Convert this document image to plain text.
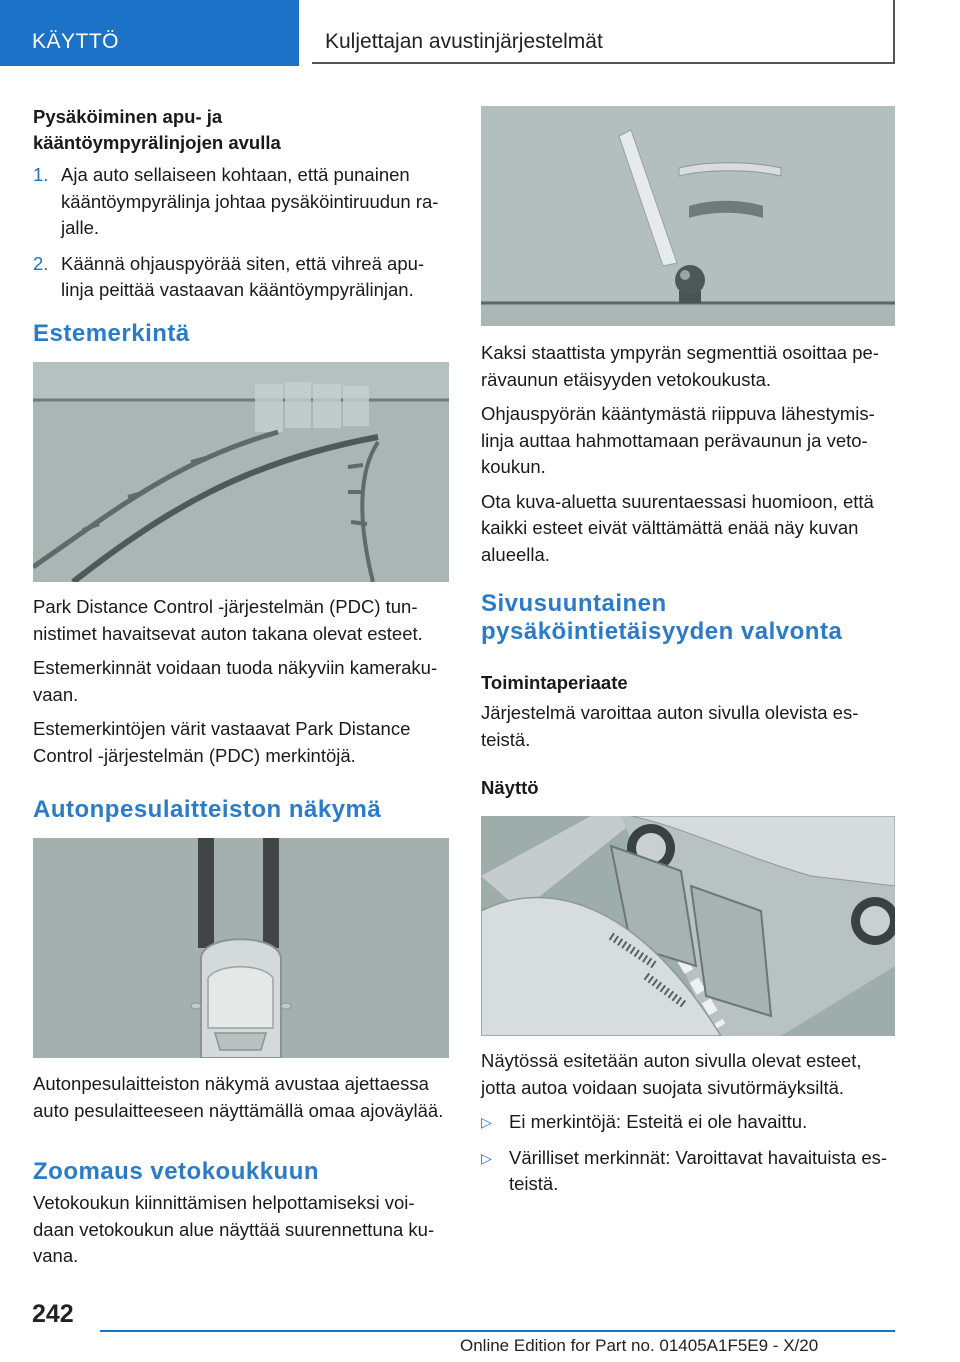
KÄYTTÖ	Kuljettajan avustinjärjestelmät

Pysäköiminen apu- ja

kääntöympyrälinjojen avulla

1. Aja auto sellaiseen kohtaan, että punainen
kääntöympyrälinja johtaa pysäköintiruudun ra-
jalle.
2. Käännä ohjauspyörää siten, että vihreä apu-
linja peittää vastaavan kääntöympyrälinjan.

Estemerkintä

Park Distance Control -järjestelmän (PDC) tun-

nistimet havaitsevat auton takana olevat esteet.

Estemerkinnät voidaan tuoda näkyviin kameraku-

vaan.

Estemerkintöjen värit vastaavat Park Distance

Control -järjestelmän (PDC) merkintöjä.

Autonpesulaitteiston näkymä

Autonpesulaitteiston näkymä avustaa ajettaessa

auto pesulaitteeseen näyttämällä omaa ajoväylää.

Zoomaus vetokoukkuun

Vetokoukun kiinnittämisen helpottamiseksi voi-

daan vetokoukun alue näyttää suurennettuna ku-

vana.

Kaksi staattista ympyrän segmenttiä osoittaa pe-

rävaunun etäisyyden vetokoukusta.

Ohjauspyörän kääntymästä riippuva lähestymis-

linja auttaa hahmottamaan perävaunun ja veto-

koukun.

Ota kuva-aluetta suurentaessasi huomioon, että

kaikki esteet eivät välttämättä enää näy kuvan

alueella.

Sivusuuntainen

pysäköintietäisyyden valvonta

Toimintaperiaate

Järjestelmä varoittaa auton sivulla olevista es-

teistä.

Näyttö

Näytössä esitetään auton sivulla olevat esteet,

jotta autoa voidaan suojata sivutörmäyksiltä.

▷ Ei merkintöjä: Esteitä ei ole havaittu.
▷ Värilliset merkinnät: Varoittavat havaituista es-
teistä.
242
Online Edition for Part no. 01405A1F5E9 - X/20
